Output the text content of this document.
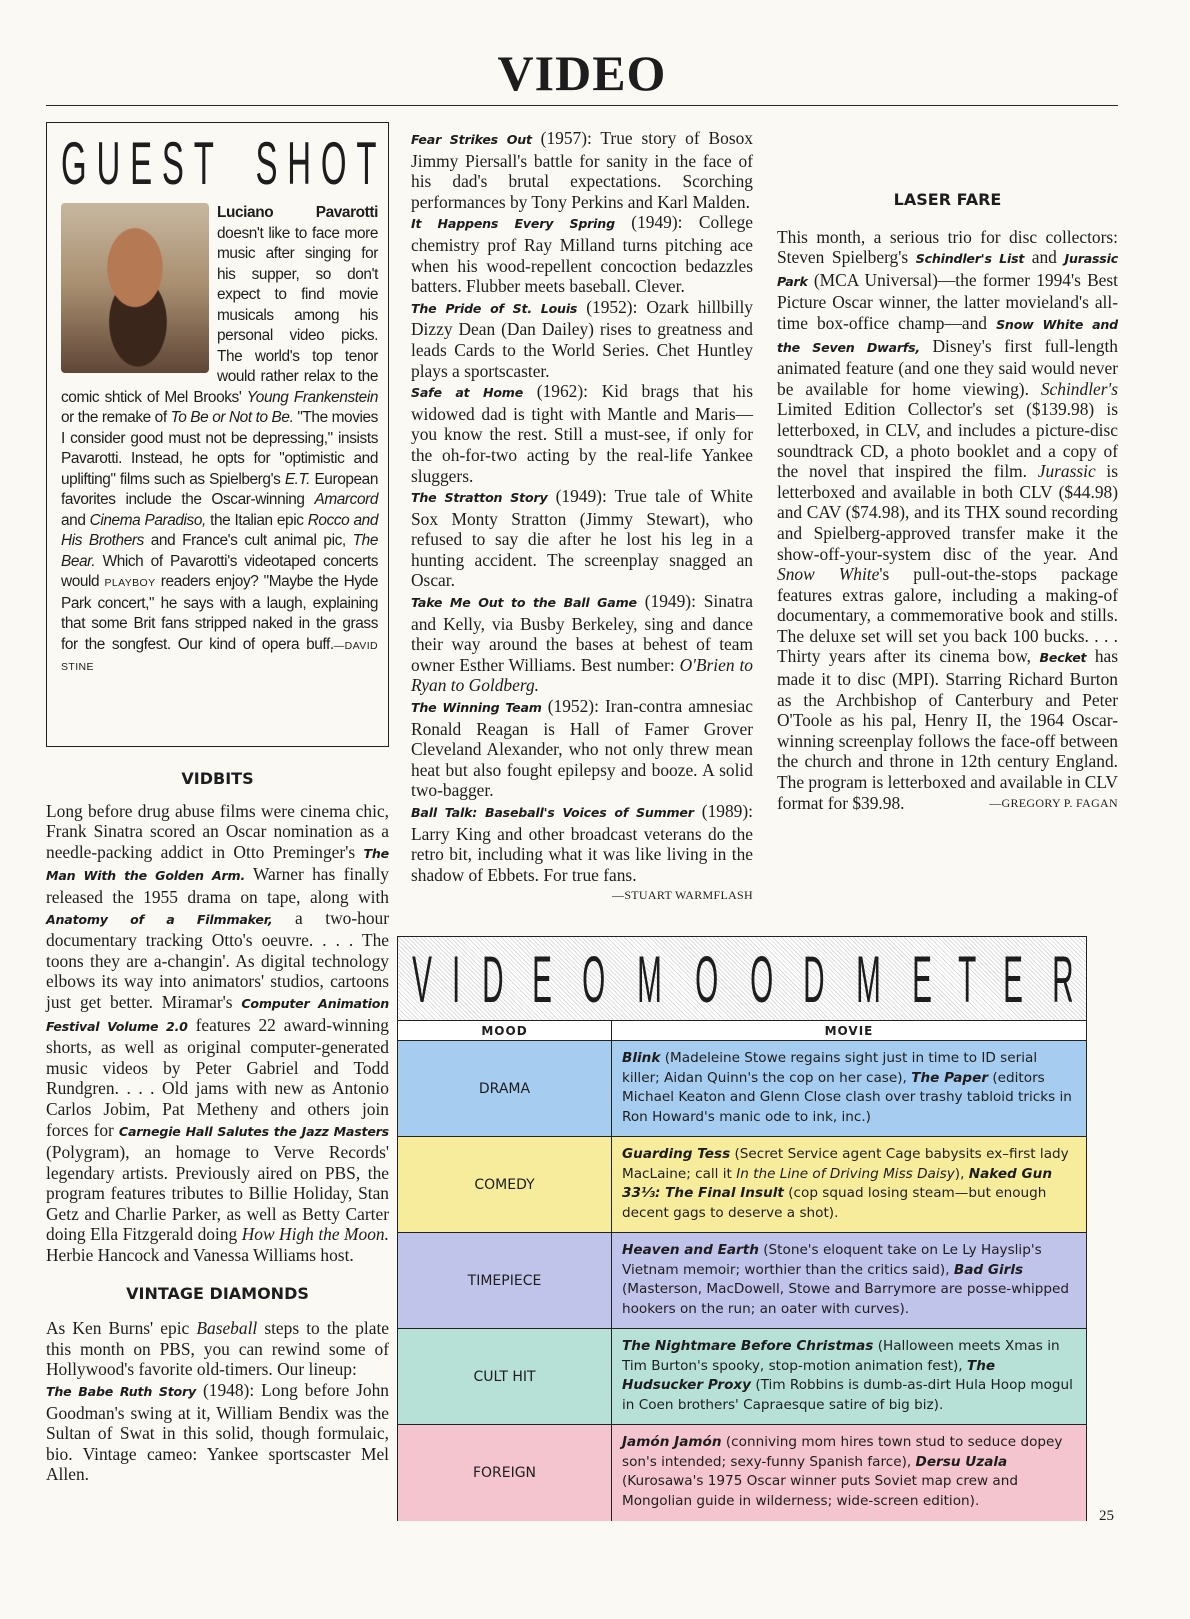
VIDEO
G U E S T S H O T

Luciano Pavarotti doesn't like to face more music after singing for his supper, so don't expect to find movie musicals among his personal video picks. The world's top tenor would rather relax to the comic shtick of Mel Brooks' Young Frankenstein or the remake of To Be or Not to Be. "The movies I consider good must not be depressing," insists Pavarotti. Instead, he opts for "optimistic and uplifting" films such as Spielberg's E.T. European favorites include the Oscar-winning Amarcord and Cinema Paradiso, the Italian epic Rocco and His Brothers and France's cult animal pic, The Bear. Which of Pavarotti's videotaped concerts would PLAYBOY readers enjoy? "Maybe the Hyde Park concert," he says with a laugh, explaining that some Brit fans stripped naked in the grass for the songfest. Our kind of opera buff.—DAVID STINE

VIDBITS

Long before drug abuse films were cinema chic, Frank Sinatra scored an Oscar nomination as a needle-packing addict in Otto Preminger's The Man With the Golden Arm. Warner has finally released the 1955 drama on tape, along with Anatomy of a Filmmaker, a two-hour documentary tracking Otto's oeuvre. . . . The toons they are a-changin'. As digital technology elbows its way into animators' studios, cartoons just get better. Miramar's Computer Animation Festival Volume 2.0 features 22 award-winning shorts, as well as original computer-generated music videos by Peter Gabriel and Todd Rundgren. . . . Old jams with new as Antonio Carlos Jobim, Pat Metheny and others join forces for Carnegie Hall Salutes the Jazz Masters (Polygram), an homage to Verve Records' legendary artists. Previously aired on PBS, the program features tributes to Billie Holiday, Stan Getz and Charlie Parker, as well as Betty Carter doing Ella Fitzgerald doing How High the Moon. Herbie Hancock and Vanessa Williams host.

VINTAGE DIAMONDS

As Ken Burns' epic Baseball steps to the plate this month on PBS, you can rewind some of Hollywood's favorite old-timers. Our lineup:

The Babe Ruth Story (1948): Long before John Goodman's swing at it, William Bendix was the Sultan of Swat in this solid, though formulaic, bio. Vintage cameo: Yankee sportscaster Mel Allen.

Fear Strikes Out (1957): True story of Bosox Jimmy Piersall's battle for sanity in the face of his dad's brutal expectations. Scorching performances by Tony Perkins and Karl Malden.

It Happens Every Spring (1949): College chemistry prof Ray Milland turns pitching ace when his wood-repellent concoction bedazzles batters. Flubber meets baseball. Clever.

The Pride of St. Louis (1952): Ozark hillbilly Dizzy Dean (Dan Dailey) rises to greatness and leads Cards to the World Series. Chet Huntley plays a sportscaster.

Safe at Home (1962): Kid brags that his widowed dad is tight with Mantle and Maris—you know the rest. Still a must-see, if only for the oh-for-two acting by the real-life Yankee sluggers.

The Stratton Story (1949): True tale of White Sox Monty Stratton (Jimmy Stewart), who refused to say die after he lost his leg in a hunting accident. The screenplay snagged an Oscar.

Take Me Out to the Ball Game (1949): Sinatra and Kelly, via Busby Berkeley, sing and dance their way around the bases at behest of team owner Esther Williams. Best number: O'Brien to Ryan to Goldberg.

The Winning Team (1952): Iran-contra amnesiac Ronald Reagan is Hall of Famer Grover Cleveland Alexander, who not only threw mean heat but also fought epilepsy and booze. A solid two-bagger.

Ball Talk: Baseball's Voices of Summer (1989): Larry King and other broadcast veterans do the retro bit, including what it was like living in the shadow of Ebbets. For true fans.
—STUART WARMFLASH

LASER FARE

This month, a serious trio for disc collectors: Steven Spielberg's Schindler's List and Jurassic Park (MCA Universal)—the former 1994's Best Picture Oscar winner, the latter movieland's all-time box-office champ—and Snow White and the Seven Dwarfs, Disney's first full-length animated feature (and one they said would never be available for home viewing). Schindler's Limited Edition Collector's set ($139.98) is letterboxed, in CLV, and includes a picture-disc soundtrack CD, a photo booklet and a copy of the novel that inspired the film. Jurassic is letterboxed and available in both CLV ($44.98) and CAV ($74.98), and its THX sound recording and Spielberg-approved transfer make it the show-off-your-system disc of the year. And Snow White's pull-out-the-stops package features extras galore, including a making-of documentary, a commemorative book and stills. The deluxe set will set you back 100 bucks. . . . Thirty years after its cinema bow, Becket has made it to disc (MPI). Starring Richard Burton as the Archbishop of Canterbury and Peter O'Toole as his pal, Henry II, the 1964 Oscar-winning screenplay follows the face-off between the church and throne in 12th century England. The program is letterboxed and available in CLV format for $39.98.	—GREGORY P. FAGAN

V I D E O M O O D M E T E R
MOOD	MOVIE
DRAMA
Blink (Madeleine Stowe regains sight just in time to ID serial killer; Aidan Quinn's the cop on her case), The Paper (editors Michael Keaton and Glenn Close clash over trashy tabloid tricks in Ron Howard's manic ode to ink, inc.)
COMEDY
Guarding Tess (Secret Service agent Cage babysits ex–first lady MacLaine; call it In the Line of Driving Miss Daisy), Naked Gun 33⅓: The Final Insult (cop squad losing steam—but enough decent gags to deserve a shot).
TIMEPIECE
Heaven and Earth (Stone's eloquent take on Le Ly Hayslip's Vietnam memoir; worthier than the critics said), Bad Girls (Masterson, MacDowell, Stowe and Barrymore are posse-whipped hookers on the run; an oater with curves).
CULT HIT
The Nightmare Before Christmas (Halloween meets Xmas in Tim Burton's spooky, stop-motion animation fest), The Hudsucker Proxy (Tim Robbins is dumb-as-dirt Hula Hoop mogul in Coen brothers' Capraesque satire of big biz).
FOREIGN
Jamón Jamón (conniving mom hires town stud to seduce dopey son's intended; sexy-funny Spanish farce), Dersu Uzala (Kurosawa's 1975 Oscar winner puts Soviet map crew and Mongolian guide in wilderness; wide-screen edition).
25
